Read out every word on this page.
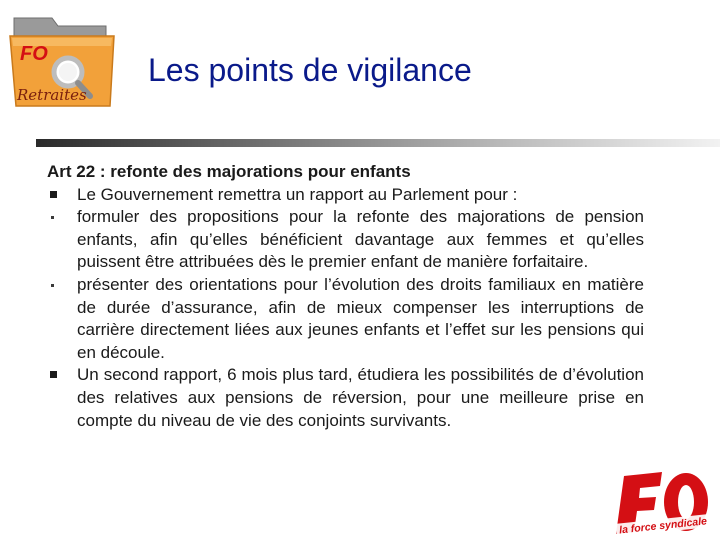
FO
Retraites
Les points de vigilance

Art 22 : refonte des majorations pour enfants

Le Gouvernement remettra un rapport au Parlement pour :

formuler des propositions pour la refonte des majorations de pension enfants, afin qu’elles bénéficient davantage aux femmes et qu’elles puissent être attribuées dès le premier enfant de manière forfaitaire.

présenter des orientations pour l’évolution des droits familiaux en matière de durée d’assurance, afin de mieux compenser les interruptions de carrière directement liées aux jeunes enfants et l’effet sur les pensions qui en découle.

Un second rapport, 6 mois plus tard, étudiera les possibilités de d’évolution des relatives aux pensions de réversion, pour une meilleure prise en compte du niveau de vie des conjoints survivants.

la force syndicale
